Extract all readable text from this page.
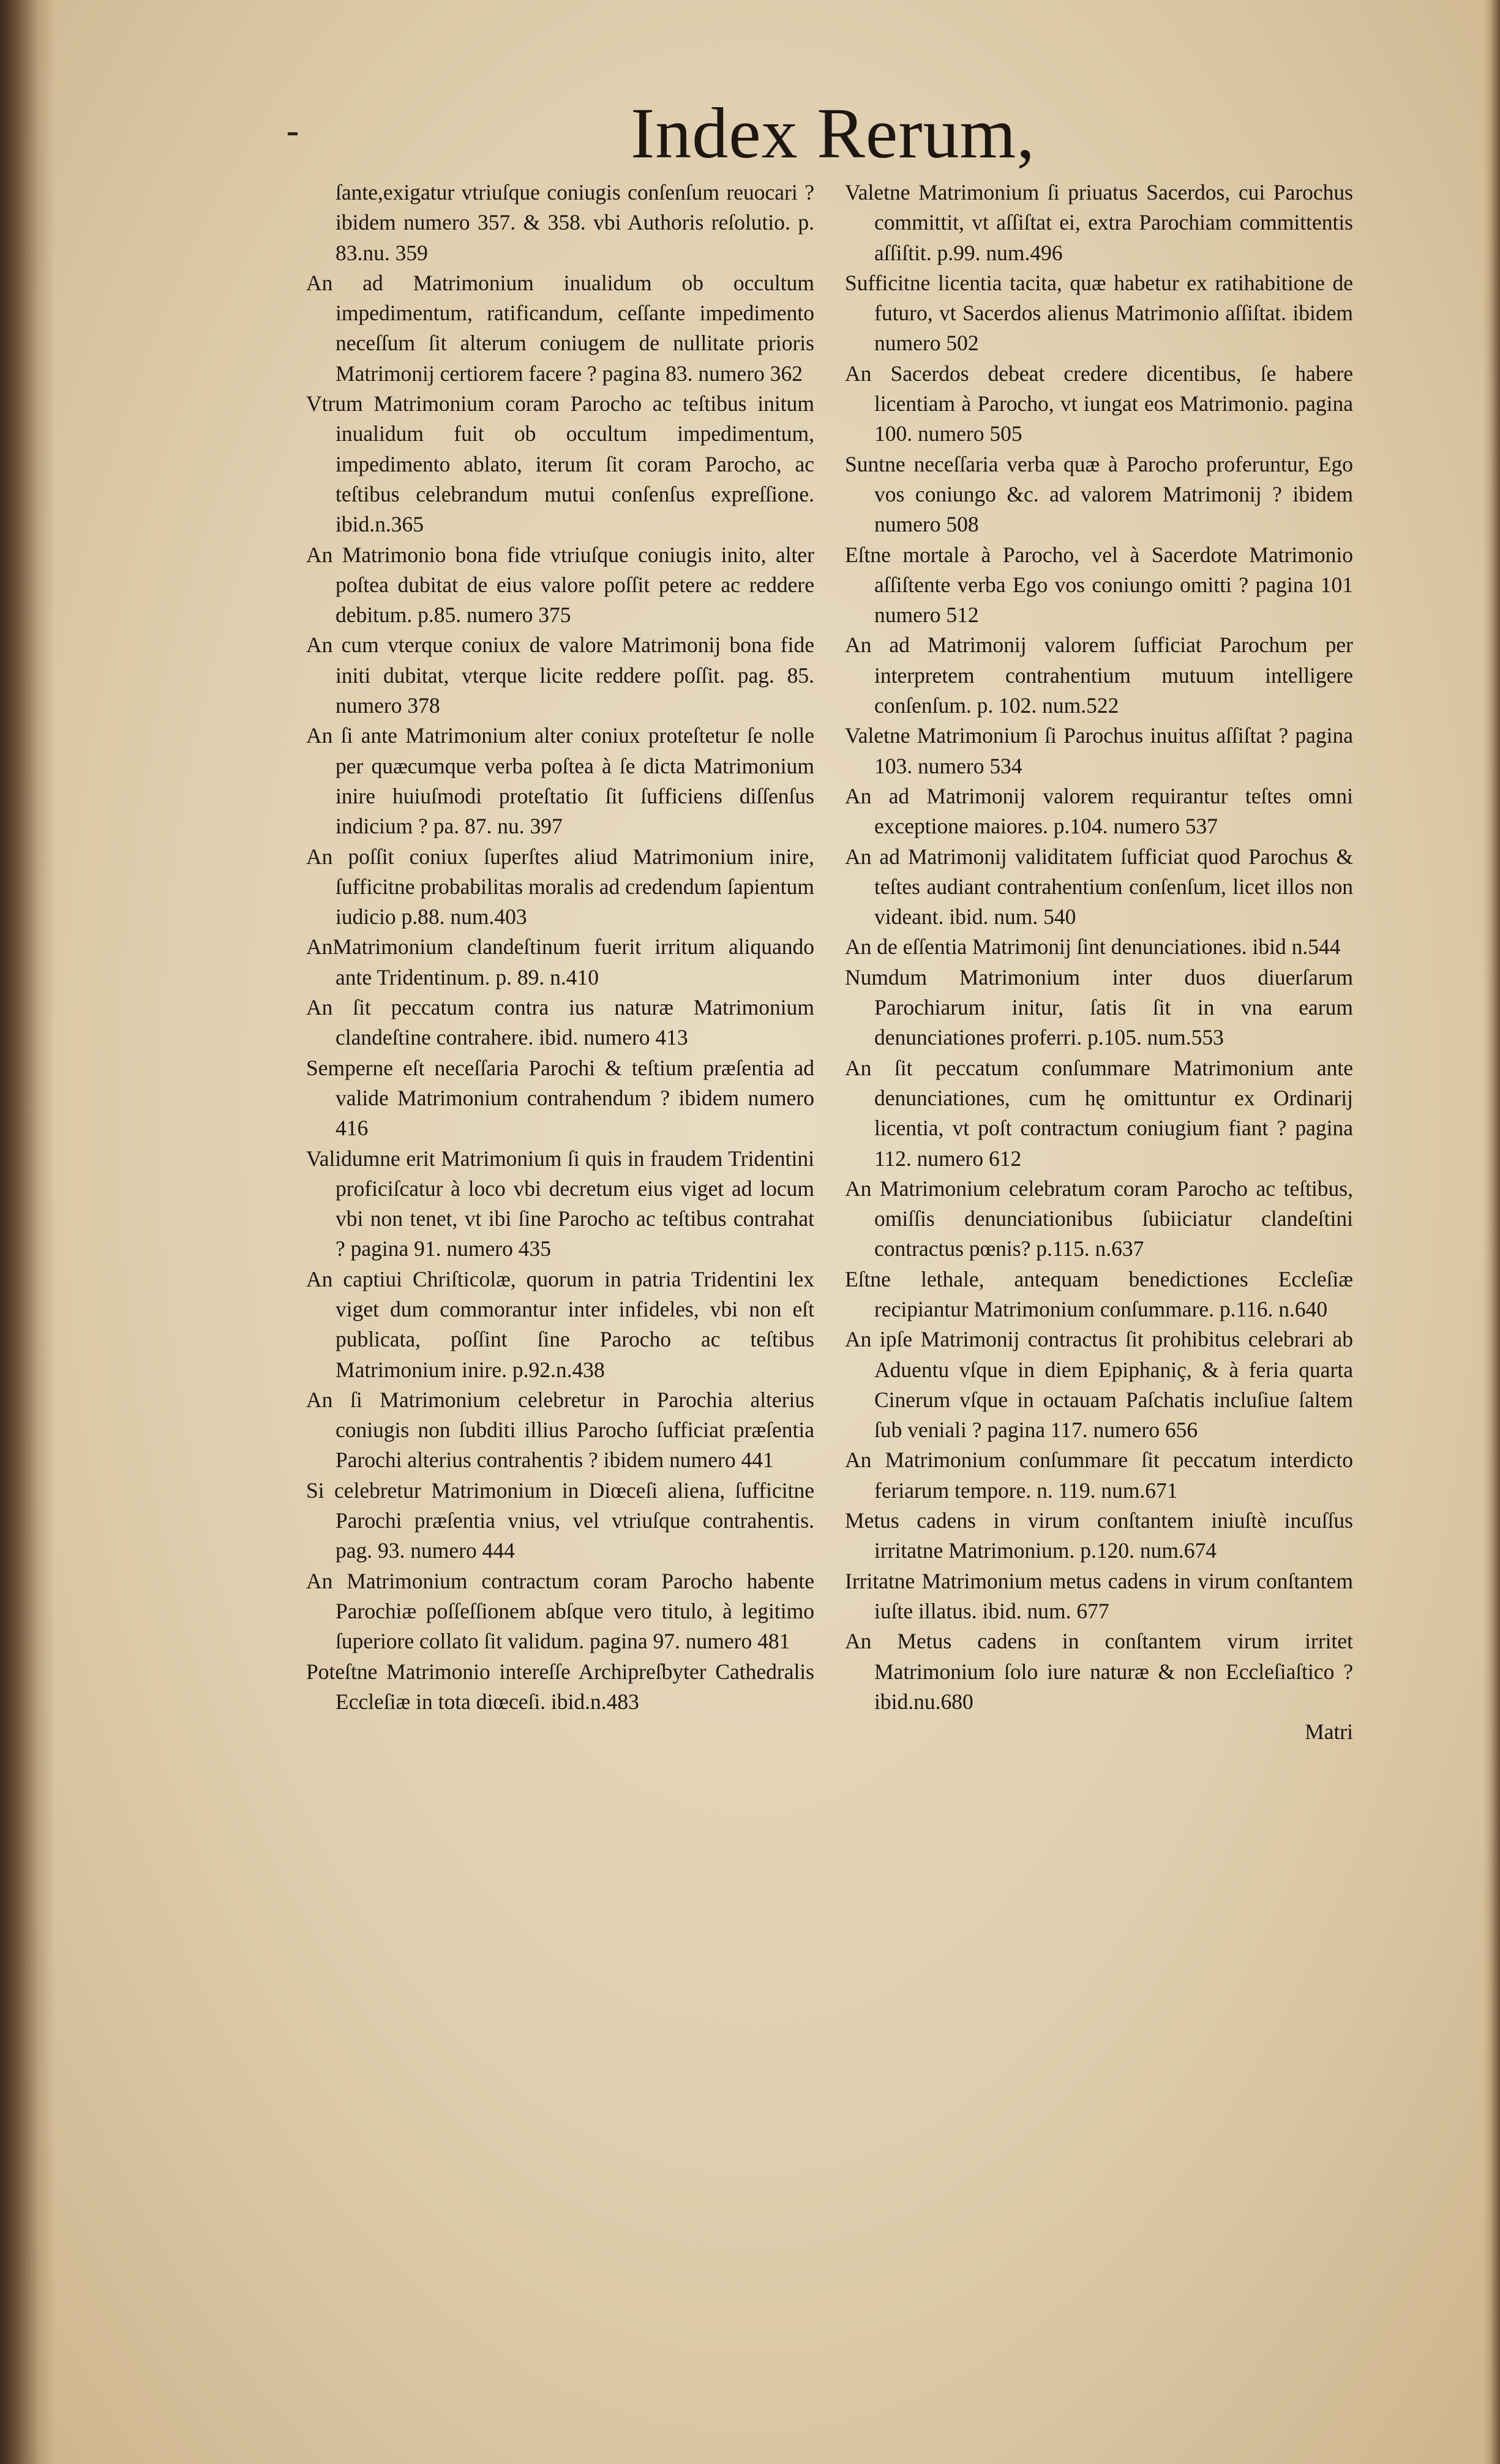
Index Rerum,

ſante,exigatur vtriuſque coniugis conſenſum reuocari ? ibidem numero 357. & 358. vbi Authoris reſolutio. p. 83.nu. 359

An ad Matrimonium inualidum ob occultum impedimentum, ratificandum, ceſſante impedimento neceſſum ſit alterum coniugem de nullitate prioris Matrimonij certiorem facere ? pagina 83. numero 362

Vtrum Matrimonium coram Parocho ac teſtibus initum inualidum fuit ob occultum impedimentum, impedimento ablato, iterum ſit coram Parocho, ac teſtibus celebrandum mutui conſenſus expreſſione. ibid.n.365

An Matrimonio bona fide vtriuſque coniugis inito, alter poſtea dubitat de eius valore poſſit petere ac reddere debitum. p.85. numero 375

An cum vterque coniux de valore Matrimonij bona fide initi dubitat, vterque licite reddere poſſit. pag. 85. numero 378

An ſi ante Matrimonium alter coniux proteſtetur ſe nolle per quæcumque verba poſtea à ſe dicta Matrimonium inire huiuſmodi proteſtatio ſit ſufficiens diſſenſus indicium ? pa. 87. nu. 397

An poſſit coniux ſuperſtes aliud Matrimonium inire, ſufficitne probabilitas moralis ad credendum ſapientum iudicio p.88. num.403

AnMatrimonium clandeſtinum fuerit irritum aliquando ante Tridentinum. p. 89. n.410

An ſit peccatum contra ius naturæ Matrimonium clandeſtine contrahere. ibid. numero 413

Semperne eſt neceſſaria Parochi & teſtium præſentia ad valide Matrimonium contrahendum ? ibidem numero 416

Validumne erit Matrimonium ſi quis in fraudem Tridentini proficiſcatur à loco vbi decretum eius viget ad locum vbi non tenet, vt ibi ſine Parocho ac teſtibus contrahat ? pagina 91. numero 435

An captiui Chriſticolæ, quorum in patria Tridentini lex viget dum commorantur inter infideles, vbi non eſt publicata, poſſint ſine Parocho ac teſtibus Matrimonium inire. p.92.n.438

An ſi Matrimonium celebretur in Parochia alterius coniugis non ſubditi illius Parocho ſufficiat præſentia Parochi alterius contrahentis ? ibidem numero 441

Si celebretur Matrimonium in Diœceſi aliena, ſufficitne Parochi præſentia vnius, vel vtriuſque contrahentis. pag. 93. numero 444

An Matrimonium contractum coram Parocho habente Parochiæ poſſeſſionem abſque vero titulo, à legitimo ſuperiore collato ſit validum. pagina 97. numero 481

Poteſtne Matrimonio intereſſe Archipreſbyter Cathedralis Eccleſiæ in tota diœceſi. ibid.n.483

Valetne Matrimonium ſi priuatus Sacerdos, cui Parochus committit, vt aſſiſtat ei, extra Parochiam committentis aſſiſtit. p.99. num.496

Sufficitne licentia tacita, quæ habetur ex ratihabitione de futuro, vt Sacerdos alienus Matrimonio aſſiſtat. ibidem numero 502

An Sacerdos debeat credere dicentibus, ſe habere licentiam à Parocho, vt iungat eos Matrimonio. pagina 100. numero 505

Suntne neceſſaria verba quæ à Parocho proferuntur, Ego vos coniungo &c. ad valorem Matrimonij ? ibidem numero 508

Eſtne mortale à Parocho, vel à Sacerdote Matrimonio aſſiſtente verba Ego vos coniungo omitti ? pagina 101 numero 512

An ad Matrimonij valorem ſufficiat Parochum per interpretem contrahentium mutuum intelligere conſenſum. p. 102. num.522

Valetne Matrimonium ſi Parochus inuitus aſſiſtat ? pagina 103. numero 534

An ad Matrimonij valorem requirantur teſtes omni exceptione maiores. p.104. numero 537

An ad Matrimonij validitatem ſufficiat quod Parochus & teſtes audiant contrahentium conſenſum, licet illos non videant. ibid. num. 540

An de eſſentia Matrimonij ſint denunciationes. ibid n.544

Numdum Matrimonium inter duos diuerſarum Parochiarum initur, ſatis ſit in vna earum denunciationes proferri. p.105. num.553

An ſit peccatum conſummare Matrimonium ante denunciationes, cum hę omittuntur ex Ordinarij licentia, vt poſt contractum coniugium fiant ? pagina 112. numero 612

An Matrimonium celebratum coram Parocho ac teſtibus, omiſſis denunciationibus ſubiiciatur clandeſtini contractus pœnis? p.115. n.637

Eſtne lethale, antequam benedictiones Eccleſiæ recipiantur Matrimonium conſummare. p.116. n.640

An ipſe Matrimonij contractus ſit prohibitus celebrari ab Aduentu vſque in diem Epiphaniç, & à feria quarta Cinerum vſque in octauam Paſchatis incluſiue ſaltem ſub veniali ? pagina 117. numero 656

An Matrimonium conſummare ſit peccatum interdicto feriarum tempore. n. 119. num.671

Metus cadens in virum conſtantem iniuſtè incuſſus irritatne Matrimonium. p.120. num.674

Irritatne Matrimonium metus cadens in virum conſtantem iuſte illatus. ibid. num. 677

An Metus cadens in conſtantem virum irritet Matrimonium ſolo iure naturæ & non Eccleſiaſtico ? ibid.nu.680

Matri
